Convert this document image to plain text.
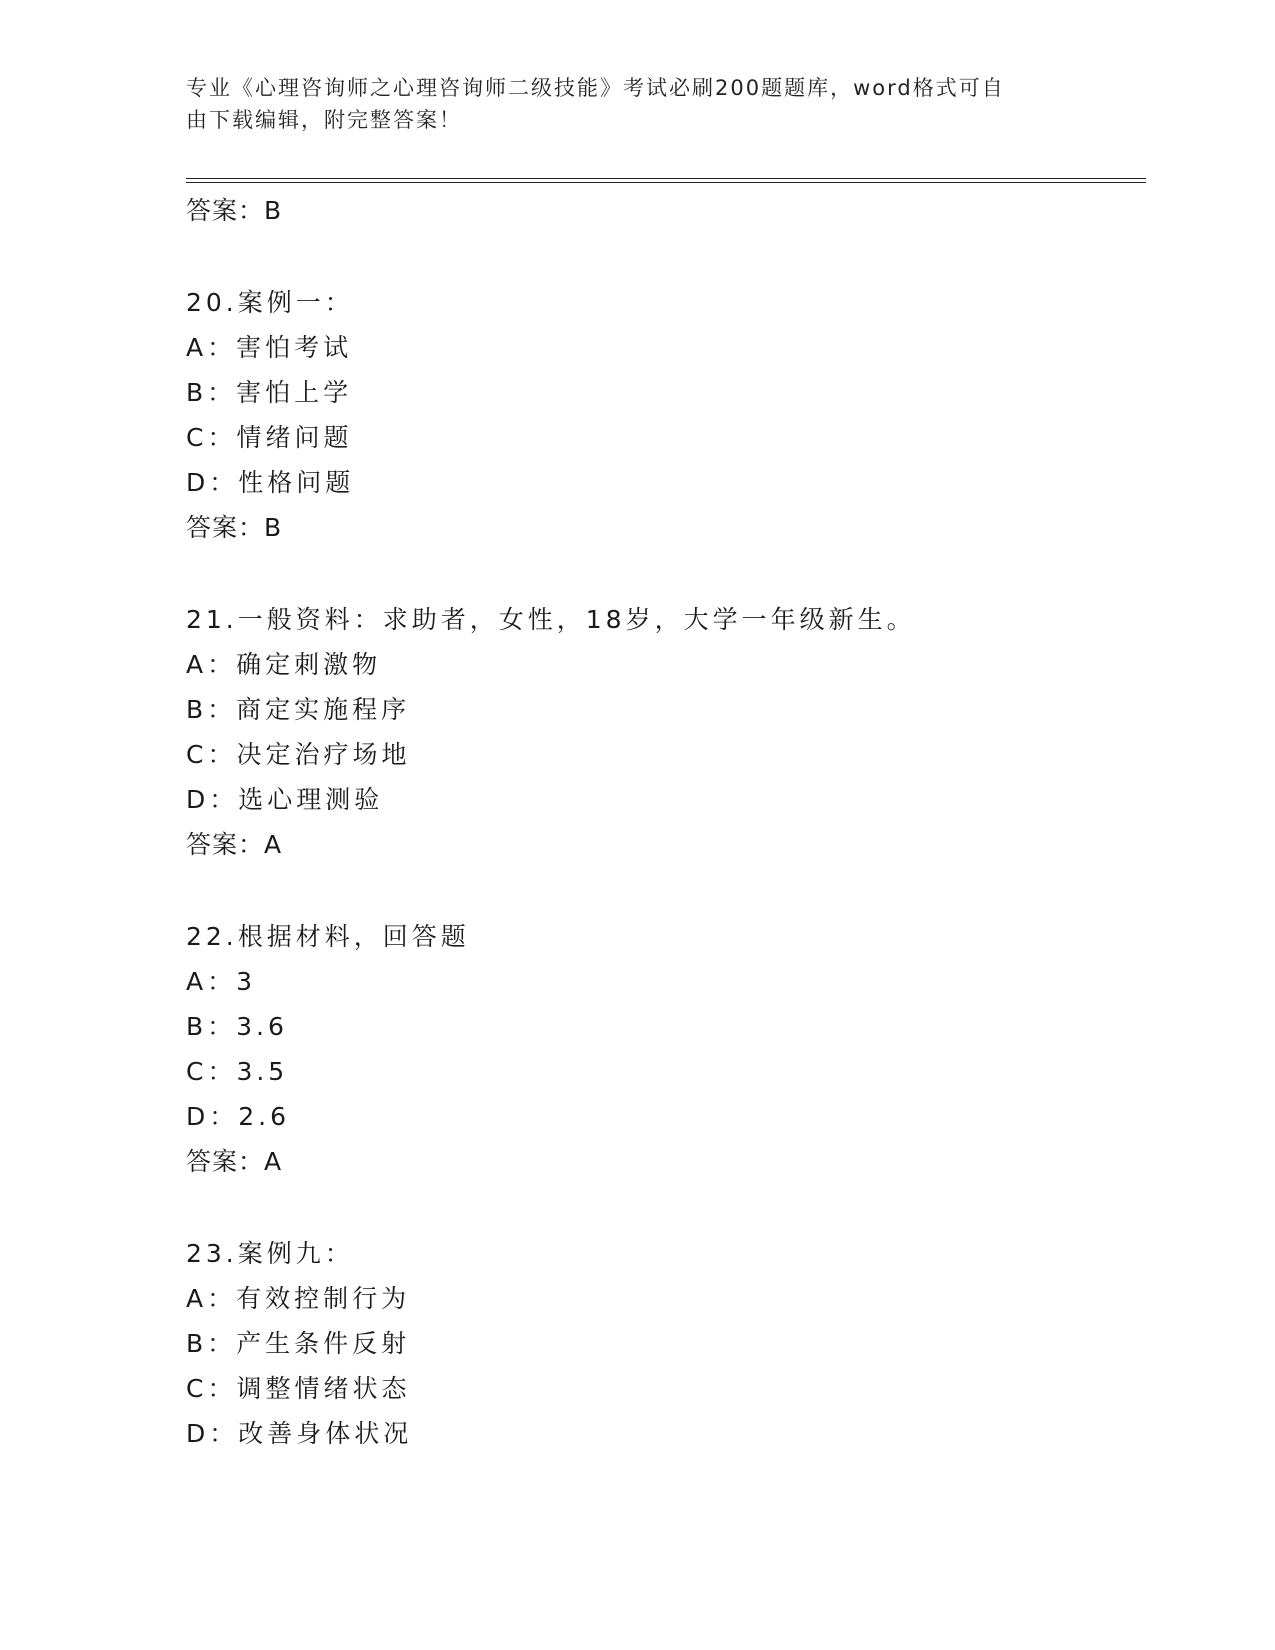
专业《心理咨询师之心理咨询师二级技能》考试必刷200题题库，word格式可自
由下载编辑，附完整答案！
答案：B
20.案例一：
A：害怕考试
B：害怕上学
C：情绪问题
D：性格问题
答案：B
21.一般资料：求助者，女性，18岁，大学一年级新生。
A：确定刺激物
B：商定实施程序
C：决定治疗场地
D：选心理测验
答案：A
22.根据材料，回答题
A：3
B：3.6
C：3.5
D：2.6
答案：A
23.案例九：
A：有效控制行为
B：产生条件反射
C：调整情绪状态
D：改善身体状况
